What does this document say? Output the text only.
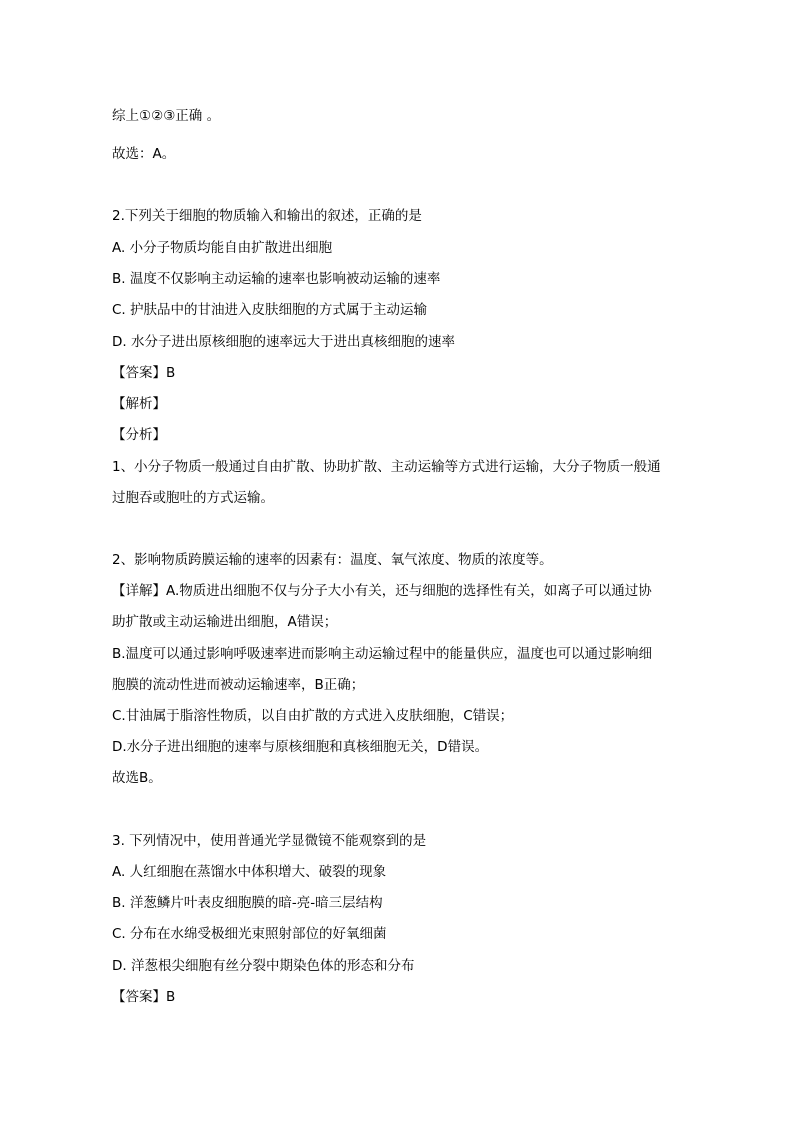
综上①②③正确 。
故选：A。
2.下列关于细胞的物质输入和输出的叙述，正确的是
A. 小分子物质均能自由扩散进出细胞
B. 温度不仅影响主动运输的速率也影响被动运输的速率
C. 护肤品中的甘油进入皮肤细胞的方式属于主动运输
D. 水分子进出原核细胞的速率远大于进出真核细胞的速率
【答案】B
【解析】
【分析】
1、小分子物质一般通过自由扩散、协助扩散、主动运输等方式进行运输，大分子物质一般通
过胞吞或胞吐的方式运输。
2、影响物质跨膜运输的速率的因素有：温度、氧气浓度、物质的浓度等。
【详解】A.物质进出细胞不仅与分子大小有关，还与细胞的选择性有关，如离子可以通过协
助扩散或主动运输进出细胞，A错误；
B.温度可以通过影响呼吸速率进而影响主动运输过程中的能量供应，温度也可以通过影响细
胞膜的流动性进而被动运输速率，B正确；
C.甘油属于脂溶性物质，以自由扩散的方式进入皮肤细胞，C错误；
D.水分子进出细胞的速率与原核细胞和真核细胞无关，D错误。
故选B。
3. 下列情况中，使用普通光学显微镜不能观察到的是
A. 人红细胞在蒸馏水中体积增大、破裂的现象
B. 洋葱鳞片叶表皮细胞膜的暗-亮-暗三层结构
C. 分布在水绵受极细光束照射部位的好氧细菌
D. 洋葱根尖细胞有丝分裂中期染色体的形态和分布
【答案】B
